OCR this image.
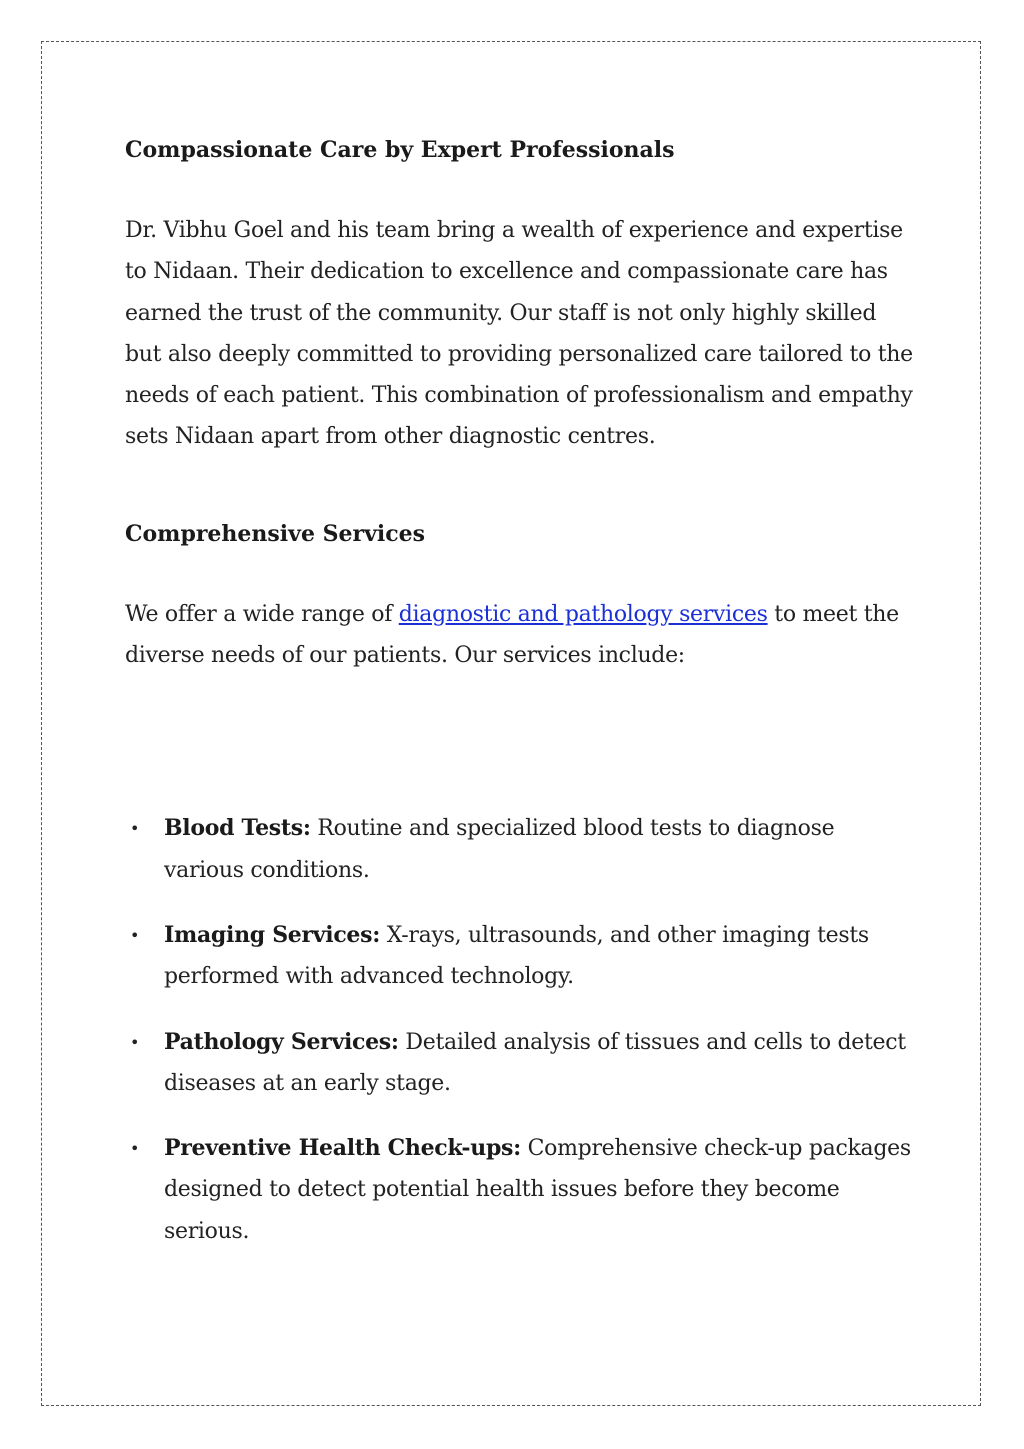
Compassionate Care by Expert Professionals

Dr. Vibhu Goel and his team bring a wealth of experience and expertise to Nidaan. Their dedication to excellence and compassionate care has earned the trust of the community. Our staff is not only highly skilled but also deeply committed to providing personalized care tailored to the needs of each patient. This combination of professionalism and empathy sets Nidaan apart from other diagnostic centres.

Comprehensive Services

We offer a wide range of diagnostic and pathology services to meet the diverse needs of our patients. Our services include:

• Blood Tests: Routine and specialized blood tests to diagnose various conditions.
• Imaging Services: X-rays, ultrasounds, and other imaging tests performed with advanced technology.
• Pathology Services: Detailed analysis of tissues and cells to detect diseases at an early stage.
• Preventive Health Check-ups: Comprehensive check-up packages designed to detect potential health issues before they become serious.
